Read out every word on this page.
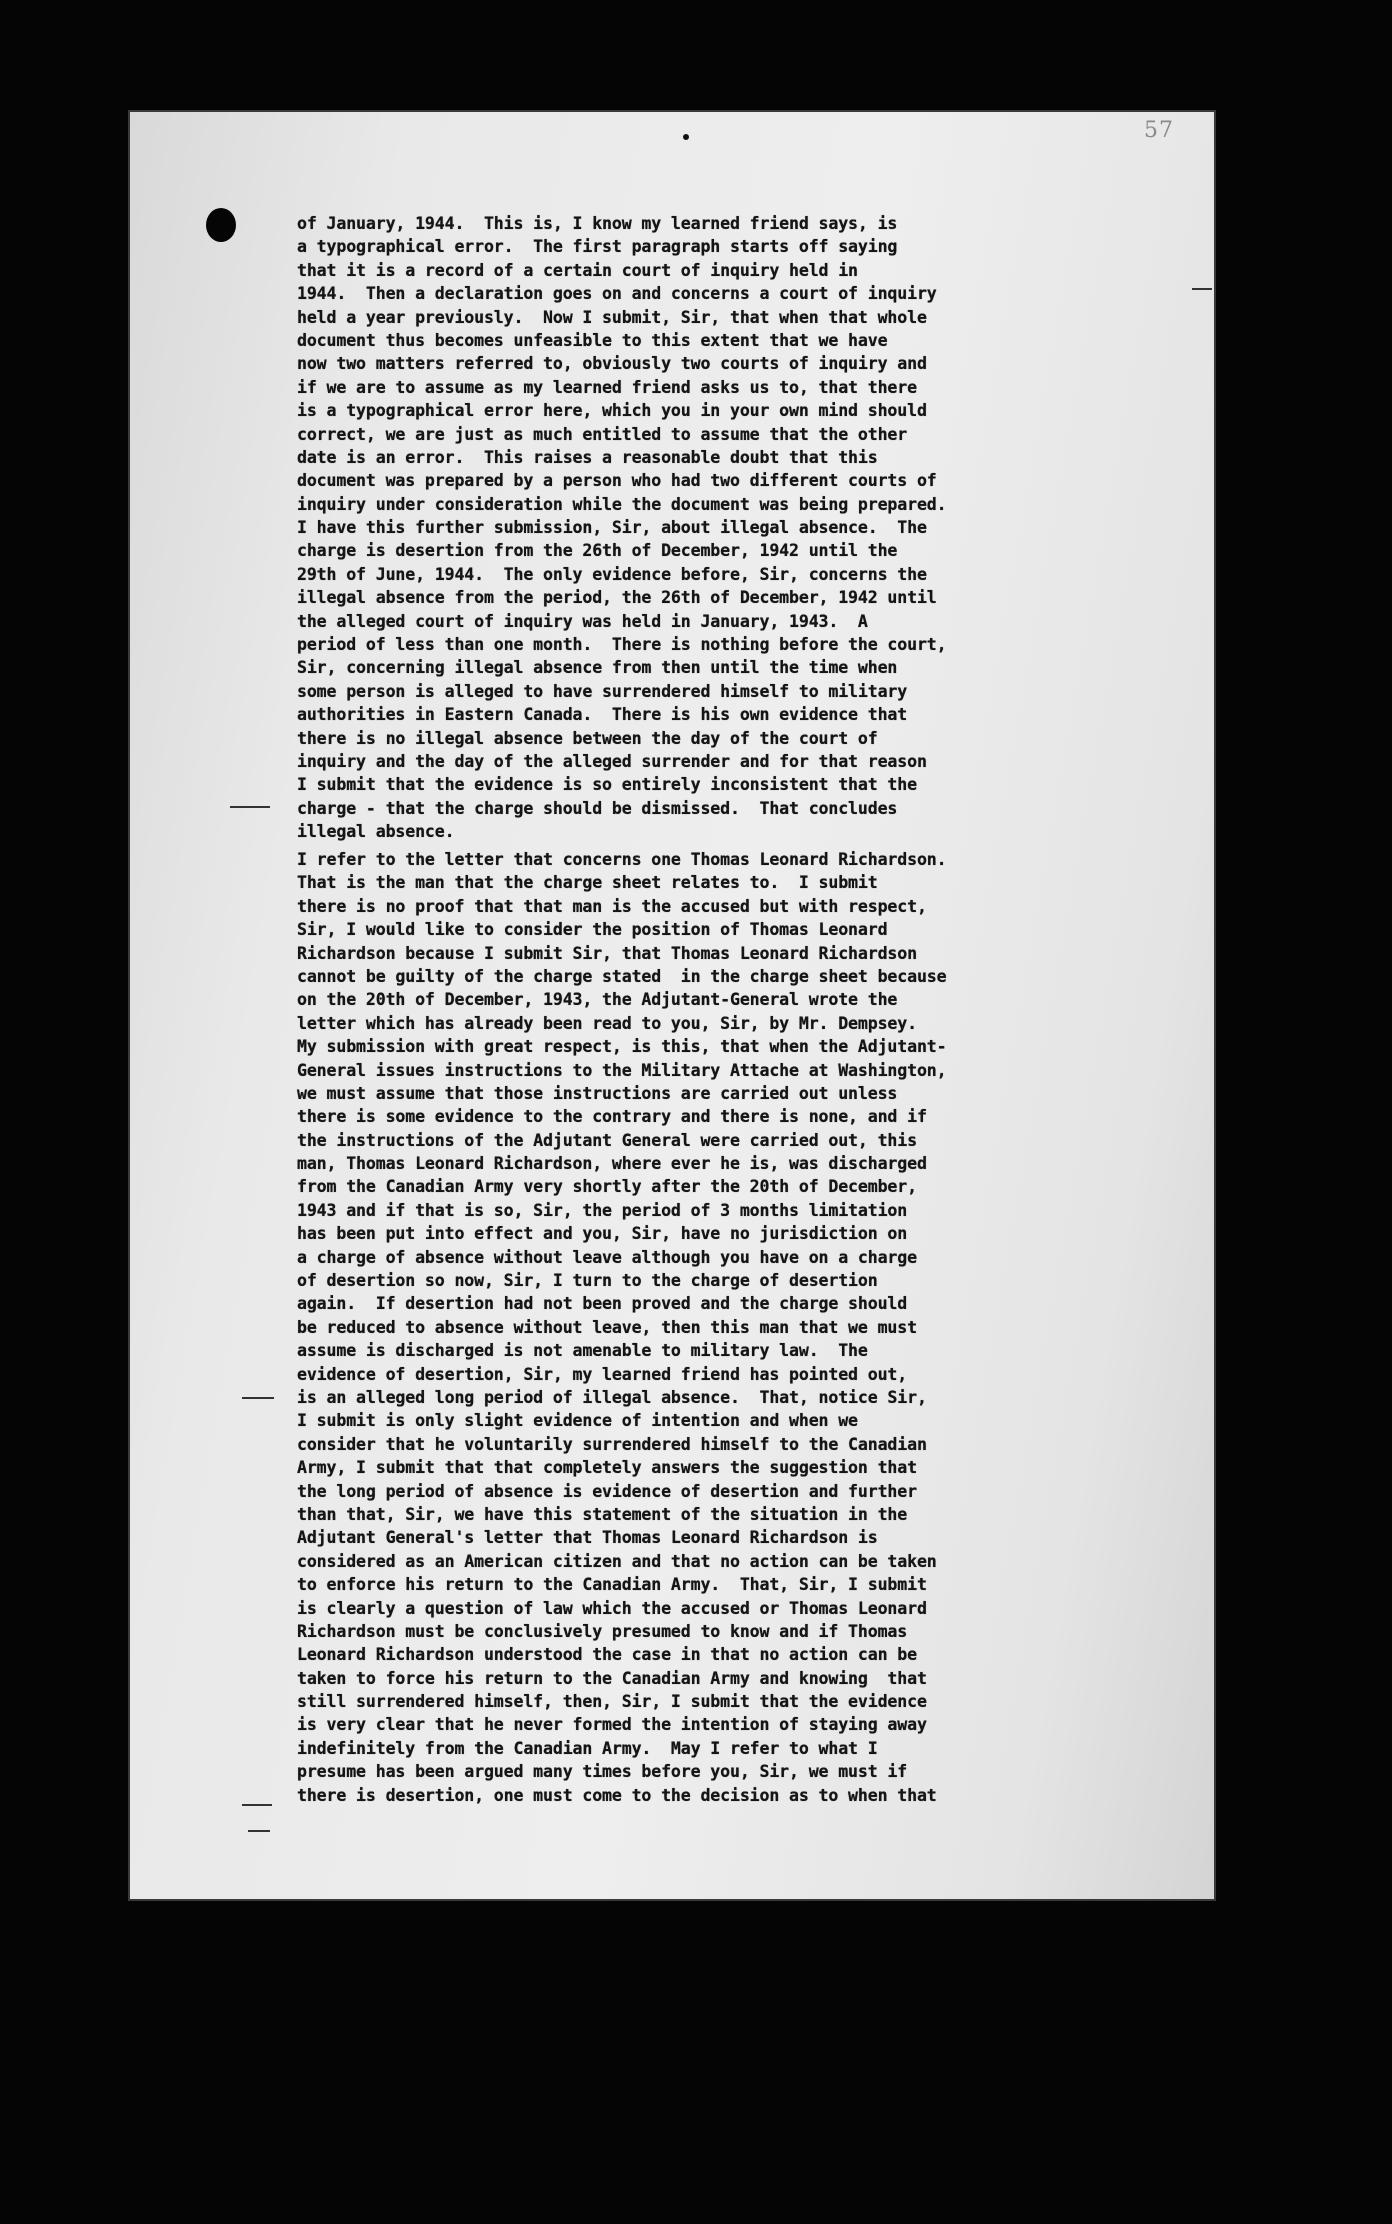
57
of January, 1944.  This is, I know my learned friend says, is
a typographical error.  The first paragraph starts off saying
that it is a record of a certain court of inquiry held in
1944.  Then a declaration goes on and concerns a court of inquiry
held a year previously.  Now I submit, Sir, that when that whole
document thus becomes unfeasible to this extent that we have
now two matters referred to, obviously two courts of inquiry and
if we are to assume as my learned friend asks us to, that there
is a typographical error here, which you in your own mind should
correct, we are just as much entitled to assume that the other
date is an error.  This raises a reasonable doubt that this
document was prepared by a person who had two different courts of
inquiry under consideration while the document was being prepared.
I have this further submission, Sir, about illegal absence.  The
charge is desertion from the 26th of December, 1942 until the
29th of June, 1944.  The only evidence before, Sir, concerns the
illegal absence from the period, the 26th of December, 1942 until
the alleged court of inquiry was held in January, 1943.  A
period of less than one month.  There is nothing before the court,
Sir, concerning illegal absence from then until the time when
some person is alleged to have surrendered himself to military
authorities in Eastern Canada.  There is his own evidence that
there is no illegal absence between the day of the court of
inquiry and the day of the alleged surrender and for that reason
I submit that the evidence is so entirely inconsistent that the
charge - that the charge should be dismissed.  That concludes
illegal absence.
I refer to the letter that concerns one Thomas Leonard Richardson.
That is the man that the charge sheet relates to.  I submit
there is no proof that that man is the accused but with respect,
Sir, I would like to consider the position of Thomas Leonard
Richardson because I submit Sir, that Thomas Leonard Richardson
cannot be guilty of the charge stated  in the charge sheet because
on the 20th of December, 1943, the Adjutant-General wrote the
letter which has already been read to you, Sir, by Mr. Dempsey.
My submission with great respect, is this, that when the Adjutant-
General issues instructions to the Military Attache at Washington,
we must assume that those instructions are carried out unless
there is some evidence to the contrary and there is none, and if
the instructions of the Adjutant General were carried out, this
man, Thomas Leonard Richardson, where ever he is, was discharged
from the Canadian Army very shortly after the 20th of December,
1943 and if that is so, Sir, the period of 3 months limitation
has been put into effect and you, Sir, have no jurisdiction on
a charge of absence without leave although you have on a charge
of desertion so now, Sir, I turn to the charge of desertion
again.  If desertion had not been proved and the charge should
be reduced to absence without leave, then this man that we must
assume is discharged is not amenable to military law.  The
evidence of desertion, Sir, my learned friend has pointed out,
is an alleged long period of illegal absence.  That, notice Sir,
I submit is only slight evidence of intention and when we
consider that he voluntarily surrendered himself to the Canadian
Army, I submit that that completely answers the suggestion that
the long period of absence is evidence of desertion and further
than that, Sir, we have this statement of the situation in the
Adjutant General's letter that Thomas Leonard Richardson is
considered as an American citizen and that no action can be taken
to enforce his return to the Canadian Army.  That, Sir, I submit
is clearly a question of law which the accused or Thomas Leonard
Richardson must be conclusively presumed to know and if Thomas
Leonard Richardson understood the case in that no action can be
taken to force his return to the Canadian Army and knowing  that
still surrendered himself, then, Sir, I submit that the evidence
is very clear that he never formed the intention of staying away
indefinitely from the Canadian Army.  May I refer to what I
presume has been argued many times before you, Sir, we must if
there is desertion, one must come to the decision as to when that
